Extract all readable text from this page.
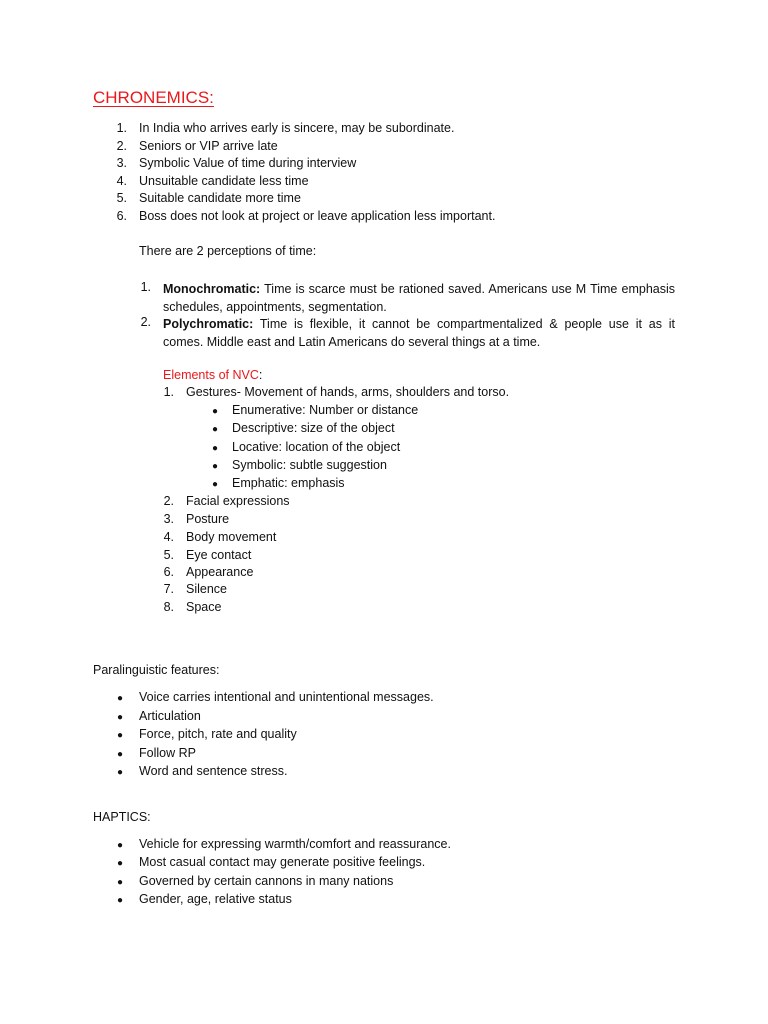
CHRONEMICS:
1. In India who arrives early is sincere, may be subordinate.
2. Seniors or VIP arrive late
3. Symbolic Value of time during interview
4. Unsuitable candidate less time
5. Suitable candidate more time
6. Boss does not look at project or leave application less important.
There are 2 perceptions of time:
1. Monochromatic: Time is scarce must be rationed saved. Americans use M Time emphasis schedules, appointments, segmentation.
2. Polychromatic: Time is flexible, it cannot be compartmentalized & people use it as it comes. Middle east and Latin Americans do several things at a time.
Elements of NVC:
1. Gestures- Movement of hands, arms, shoulders and torso.
● Enumerative: Number or distance
● Descriptive: size of the object
● Locative: location of the object
● Symbolic: subtle suggestion
● Emphatic: emphasis
2. Facial expressions
3. Posture
4. Body movement
5. Eye contact
6. Appearance
7. Silence
8. Space
Paralinguistic features:
● Voice carries intentional and unintentional messages.
● Articulation
● Force, pitch, rate and quality
● Follow RP
● Word and sentence stress.
HAPTICS:
● Vehicle for expressing warmth/comfort and reassurance.
● Most casual contact may generate positive feelings.
● Governed by certain cannons in many nations
● Gender, age, relative status
